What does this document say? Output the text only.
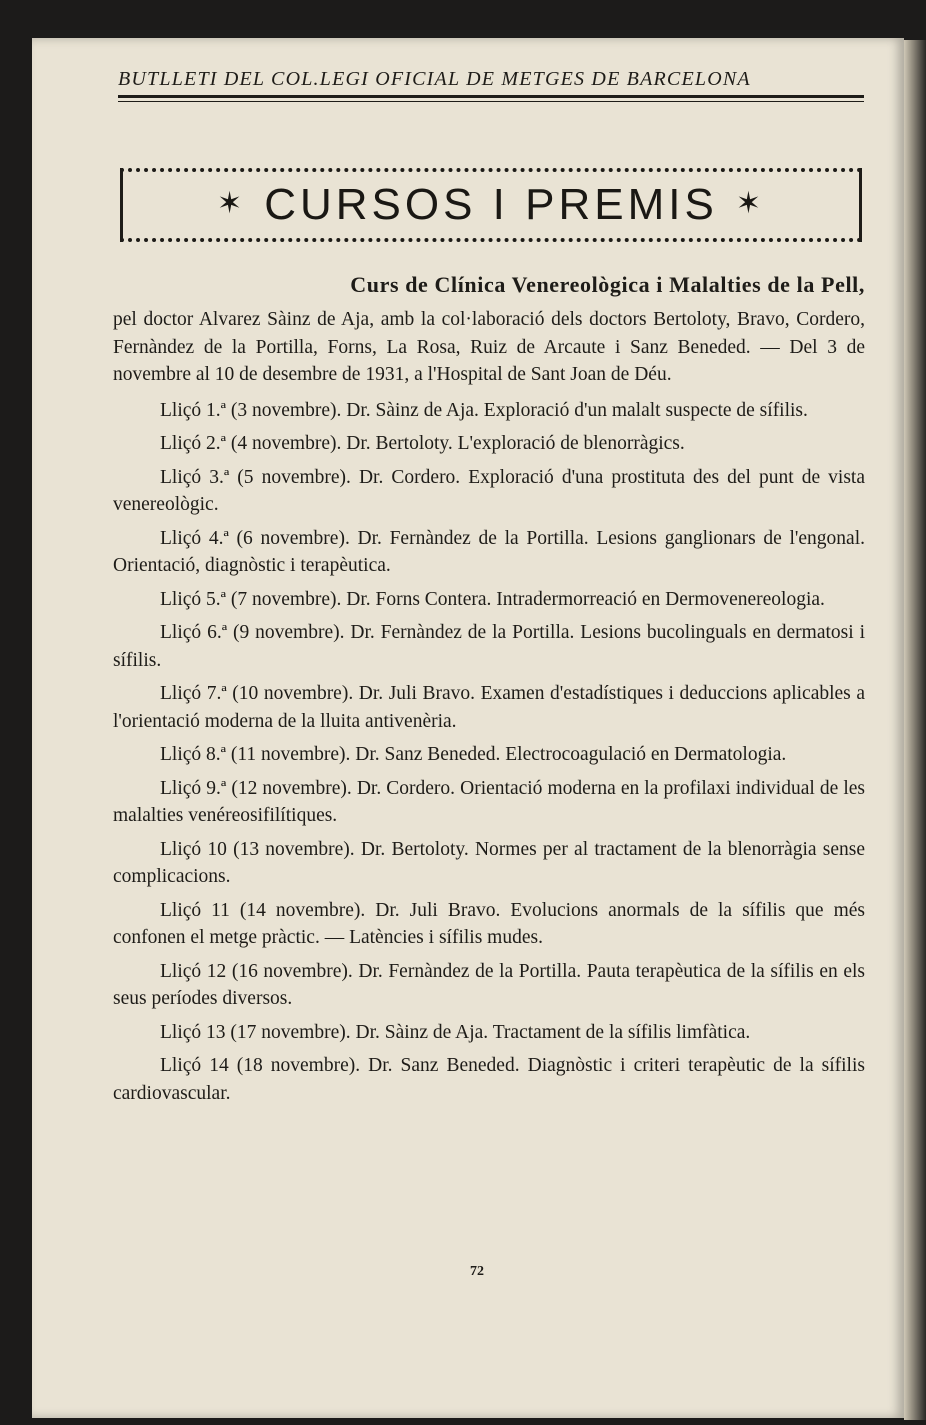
BUTLLETI DEL COL.LEGI OFICIAL DE METGES DE BARCELONA
✶ CURSOS I PREMIS ✶
Curs de Clínica Venereològica i Malalties de la Pell,

pel doctor Alvarez Sàinz de Aja, amb la col·laboració dels doctors Bertoloty, Bravo, Cordero, Fernàndez de la Portilla, Forns, La Rosa, Ruiz de Arcaute i Sanz Beneded. — Del 3 de novembre al 10 de desembre de 1931, a l'Hospital de Sant Joan de Déu.

Lliçó 1.ª (3 novembre). Dr. Sàinz de Aja. Exploració d'un malalt suspecte de sífilis.

Lliçó 2.ª (4 novembre). Dr. Bertoloty. L'exploració de blenorràgics.

Lliçó 3.ª (5 novembre). Dr. Cordero. Exploració d'una prostituta des del punt de vista venereològic.

Lliçó 4.ª (6 novembre). Dr. Fernàndez de la Portilla. Lesions ganglionars de l'engonal. Orientació, diagnòstic i terapèutica.

Lliçó 5.ª (7 novembre). Dr. Forns Contera. Intradermorreació en Dermovenereologia.

Lliçó 6.ª (9 novembre). Dr. Fernàndez de la Portilla. Lesions bucolinguals en dermatosi i sífilis.

Lliçó 7.ª (10 novembre). Dr. Juli Bravo. Examen d'estadístiques i deduccions aplicables a l'orientació moderna de la lluita antivenèria.

Lliçó 8.ª (11 novembre). Dr. Sanz Beneded. Electrocoagulació en Dermatologia.

Lliçó 9.ª (12 novembre). Dr. Cordero. Orientació moderna en la profilaxi individual de les malalties venéreosifilítiques.

Lliçó 10 (13 novembre). Dr. Bertoloty. Normes per al tractament de la blenorràgia sense complicacions.

Lliçó 11 (14 novembre). Dr. Juli Bravo. Evolucions anormals de la sífilis que més confonen el metge pràctic. — Latències i sífilis mudes.

Lliçó 12 (16 novembre). Dr. Fernàndez de la Portilla. Pauta terapèutica de la sífilis en els seus períodes diversos.

Lliçó 13 (17 novembre). Dr. Sàinz de Aja. Tractament de la sífilis limfàtica.

Lliçó 14 (18 novembre). Dr. Sanz Beneded. Diagnòstic i criteri terapèutic de la sífilis cardiovascular.

72
